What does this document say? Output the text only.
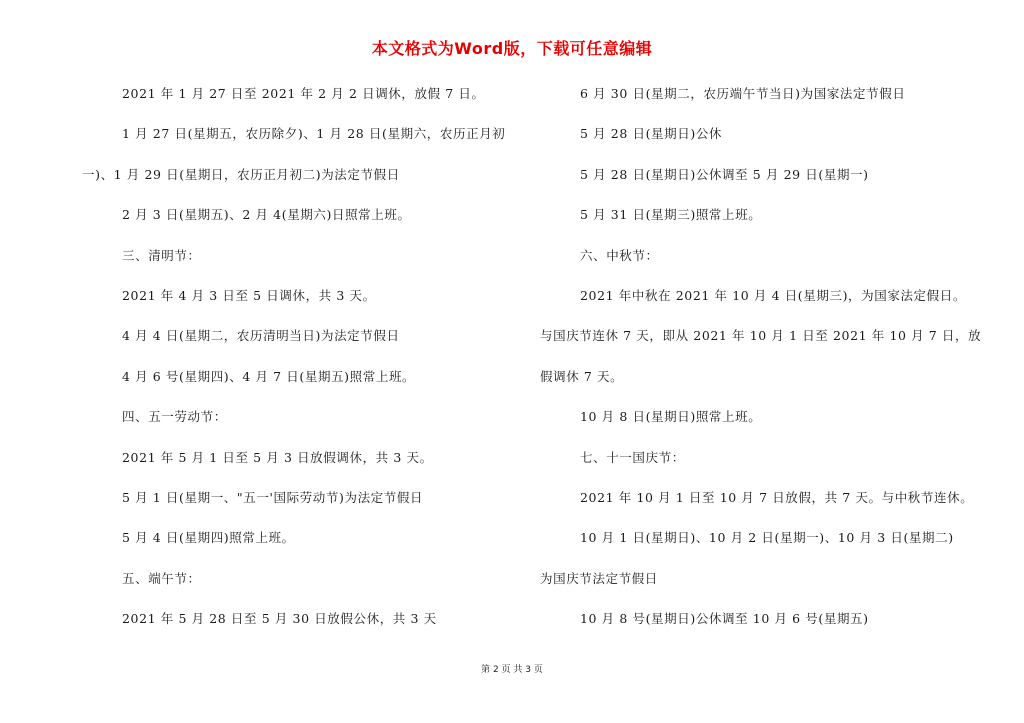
本文格式为Word版，下载可任意编辑
2021 年 1 月 27 日至 2021 年 2 月 2 日调休，放假 7 日。
1 月 27 日(星期五，农历除夕)、1 月 28 日(星期六，农历正月初
一)、1 月 29 日(星期日，农历正月初二)为法定节假日
2 月 3 日(星期五)、2 月 4(星期六)日照常上班。
三、清明节：
2021 年 4 月 3 日至 5 日调休，共 3 天。
4 月 4 日(星期二，农历清明当日)为法定节假日
4 月 6 号(星期四)、4 月 7 日(星期五)照常上班。
四、五一劳动节：
2021 年 5 月 1 日至 5 月 3 日放假调休，共 3 天。
5 月 1 日(星期一、"五一'国际劳动节)为法定节假日
5 月 4 日(星期四)照常上班。
五、端午节：
2021 年 5 月 28 日至 5 月 30 日放假公休，共 3 天
6 月 30 日(星期二，农历端午节当日)为国家法定节假日
5 月 28 日(星期日)公休
5 月 28 日(星期日)公休调至 5 月 29 日(星期一)
5 月 31 日(星期三)照常上班。
六、中秋节：
2021 年中秋在 2021 年 10 月 4 日(星期三)，为国家法定假日。
与国庆节连休 7 天，即从 2021 年 10 月 1 日至 2021 年 10 月 7 日，放
假调休 7 天。
10 月 8 日(星期日)照常上班。
七、十一国庆节：
2021 年 10 月 1 日至 10 月 7 日放假，共 7 天。与中秋节连休。
10 月 1 日(星期日)、10 月 2 日(星期一)、10 月 3 日(星期二)
为国庆节法定节假日
10 月 8 号(星期日)公休调至 10 月 6 号(星期五)
第 2 页 共 3 页
